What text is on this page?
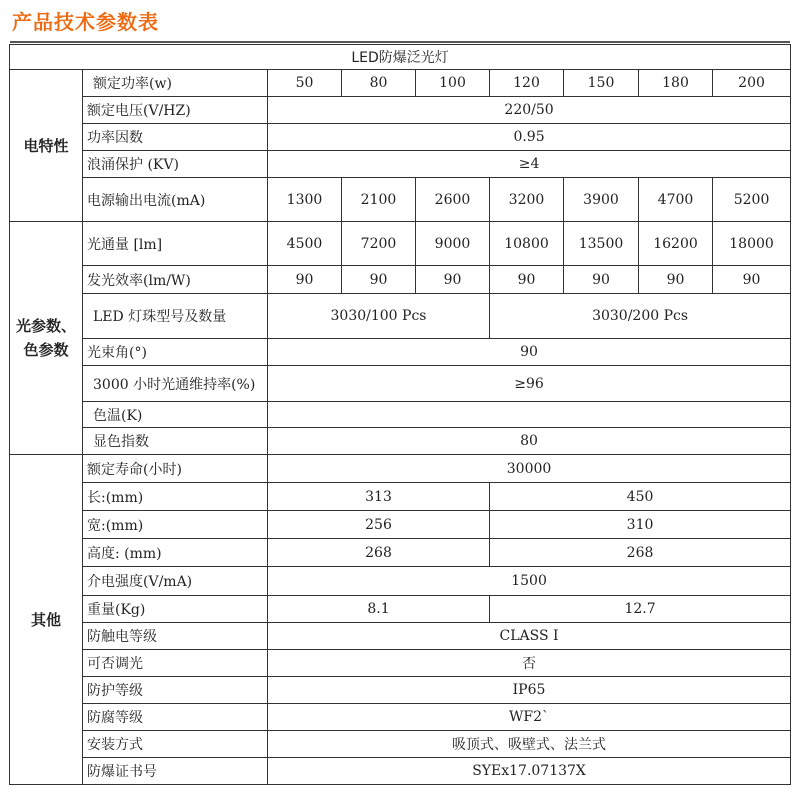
产品技术参数表
LED防爆泛光灯								
电特性	额定功率(w)	50	80	100	120	150	180	200
	额定电压(V/HZ)	220/50						
	功率因数	0.95						
	浪涌保护 (KV)	≥4						
	电源输出电流(mA)	1300	2100	2600	3200	3900	4700	5200
光参数、色参数	光通量 [lm]	4500	7200	9000	10800	13500	16200	18000
	发光效率(lm/W)	90	90	90	90	90	90	90
	LED 灯珠型号及数量	3030/100 Pcs			3030/200 Pcs			
	光束角(°)	90						
	3000 小时光通维持率(%)	≥96						
	色温(K)							
	显色指数	80						
其他	额定寿命(小时)	30000						
	长:(mm)	313			450			
	宽:(mm)	256			310			
	高度: (mm)	268			268			
	介电强度(V/mA)	1500						
	重量(Kg)	8.1			12.7			
	防触电等级	CLASS I						
	可否调光	否						
	防护等级	IP65						
	防腐等级	WF2`						
	安装方式	吸顶式、吸壁式、法兰式						
	防爆证书号	SYEx17.07137X						
